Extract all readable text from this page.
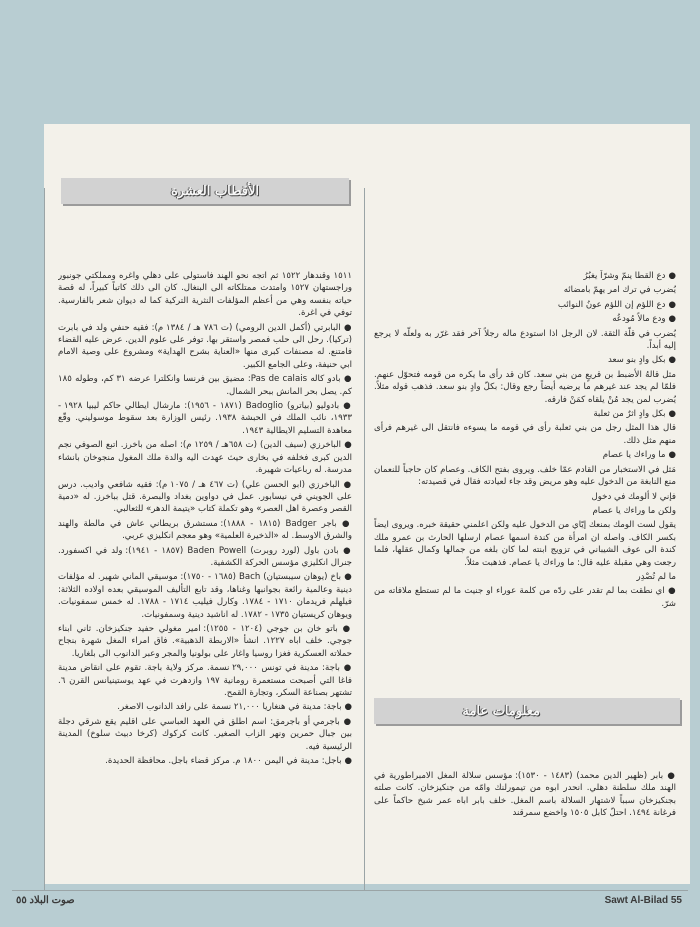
الأقطاب العشرة

١٥١١ وقندهار ١٥٢٢ ثم اتجه نحو الهند فاستولى على دهلي واغره ومملكتي جونبور وراجستهان ١٥٢٧ وامتدت ممتلكاته الى البنغال. كان الى ذلك كاتباً كبيراً، له قصة حياته بنفسه وهي من أعظم المؤلفات النثرية التركية كما له ديوان شعر بالفارسية. توفي في اغرة.

● البابرتي (أكمل الدين الرومي) (ت ٧٨٦ هـ / ١٣٨٤ م): فقيه حنفي ولد في بابرت (تركيا). رحل الى حلب فمصر واستقر بها. توفر على علوم الدين. عرض عليه القضاء فامتنع. له مصنفات كبرى منها «العناية بشرح الهداية» ومشروع على وصية الامام ابي حنيفة، وعلى الجامع الكبير.

● بادو كاله Pas de calais: مضيق بين فرنسا وانكلترا عرضه ٣١ كم، وطوله ١٨٥ كم. يصل بحر المانش ببحر الشمال.

● بادوليو (بياترو) Badoglio (١٨٧١ - ١٩٥٦): مارشال ايطالي حاكم ليبيا ١٩٢٨ - ١٩٣٣، نائب الملك في الحبشة ١٩٣٨. رئيس الوزارة بعد سقوط موسوليني. وقّع معاهدة التسليم الايطالية ١٩٤٣.

● الباخرزي (سيف الدين) (ت ٦٥٨هـ / ١٢٥٩ م): اصله من باخرز. اتبع الصوفي نجم الدين كبرى فخلفه في بخارى حيث عهدت اليه والدة ملك المغول منجوخان بانشاء مدرسة. له رباعيات شهيرة.

● الباخرزي (ابو الحسن علي) (ت ٤٦٧ هـ / ١٠٧٥ م): فقيه شافعي واديب. درس على الجويني في نيسابور. عمل في دواوين بغداد والبصرة. قتل بباخرز. له «دمية القصر وعصرة اهل العصر» وهو تكملة كتاب «يتيمة الدهر» للثعالبي.

● باجر Badger (١٨١٥ - ١٨٨٨): مستشرق بريطاني عاش في مالطة والهند والشرق الاوسط. له «الذخيرة العلمية» وهو معجم انكليزي عربي.

● بادن باول (لورد روبرت) Baden Powell (١٨٥٧ - ١٩٤١): ولد في اكسفورد. جنرال انكليزي مؤسس الحركة الكشفية.

● باخ (يوهان سيبستيان) Bach (١٦٨٥ - ١٧٥٠): موسيقي الماني شهير. له مؤلفات دينية وعالمية رائعة بجوانبها وغناها، وقد تابع التأليف الموسيقي بعده اولاده الثلاثة: فيلهلم فريدمان ١٧١٠ - ١٧٨٤. وكارل فيليب ١٧١٤ - ١٧٨٨. له خمس سمفونيات. ويوهان كريستيان ١٧٣٥ - ١٧٨٢. له اناشيد دينية وسمفونيات.

● باتو خان بن جوجي (١٢٠٤ - ١٢٥٥): امير مغولي حفيد جنكيزخان. ثاني ابناء جوجي. خلف اباه ١٢٢٧. انشأ «الاربطة الذهبية». فاق امراء المغل شهرة بنجاح حملاته العسكرية فغزا روسيا واغار على بولونيا والمجر وعبر الدانوب الى بلغاريا.

● باجة: مدينة في تونس ٢٩,٠٠٠ نسمة. مركز ولاية باجة. تقوم على انقاض مدينة فاغا التي أصبحت مستعمرة رومانية ١٩٧ وازدهرت في عهد يوستينيانس القرن ٦. تشتهر بصناعة السكر، وتجارة القمح.

● باجة: مدينة في هنغاريا ٢١,٠٠٠ نسمة على رافد الدانوب الاصغر.

● باجرمي أو باجرمق: اسم اطلق في العهد العباسي على اقليم يقع شرقي دجلة بين جبال حمرين ونهر الزاب الصغير. كانت كركوك (كرخا دبيث سلوخ) المدينة الرئيسية فيه.

● باجل: مدينة في اليمن ١٨٠٠ م. مركز قضاء باجل. محافظة الحديدة.

● دع القطا ينمّ وشرّاً يغبُرُ

يُضرب في ترك امر يهمّ بامضائه

● دع اللؤم إن اللؤم عونُ النوائب

● ودع مالاً مُودعُه

يُضرب في قلّة الثقة. لان الرجل اذا استودع ماله رجلاً آخر فقد غرّر به ولعلّه لا يرجع إليه أبداً.

● بكل وادٍ بنو سعد

مثل قالهُ الأضبط بن قريعٍ من بني سعد. كان قد رأى ما يكره من قومه فتحوّل عنهم. فلمّا لم يجد عند غيرهم ما يرضيه أيضاً رجع وقال: بكلّ وادٍ بنو سعد. فذهب قوله مثلاً. يُضرب لمن يجد مُنْ يلقاه كمَنْ فارقه.

● بكل وادٍ اثرٌ من ثعلبة

قال هذا المثل رجل من بني ثعلبة رأى في قومه ما يسوءه فانتقل الى غيرهم فرأى منهم مثل ذلك.

● ما وراءك يا عصام

مَثل في الاستخبار من القادم عمّا خلف. ويروى بفتح الكاف. وعصام كان حاجباً للنعمان منع النابغة من الدخول عليه وهو مريض وقد جاء لعيادته فقال في قصيدته:

فإني لا ألومك في دخول

ولكن ما وراءك يا عصام

يقول لست الومك بمنعك إيّاي من الدخول عليه ولكن اعلمني حقيقة خبره. ويروى ايضاً بكسر الكاف. واصله ان امرأة من كندة اسمها عصام ارسلها الحارث بن عمرو ملك كندة الى عوف الشيباني في تزويج ابنته لما كان بلغه من جمالها وكمال عقلها، فلما رجعت وهي مقبلة عليه قال: ما وراءك يا عصام. فذهبت مثلاً.

ما لم تُصْدِر

● اي نطقت بما لم تقدر على ردّه من كلمة عوراء او جنيت ما لم تستطع ملافاته من شرّ.

معلومات عامة

● بابر (ظهير الدين محمد) (١٤٨٣ - ١٥٣٠): مؤسس سلالة المغل الامبراطورية في الهند ملك سلطنة دهلي. انحدر ابوه من تيمورلنك وامّه من جنكيزخان. كانت صلته بجنكيزخان سبباً لاشتهار السلالة باسم المغل. خلف بابر اباه عمر شيخ حاكماً على فرغانة ١٤٩٤. احتلّ كابل ١٥٠٥ واخضع سمرقند

صوت البلاد ٥٥	Sawt Al-Bilad 55
